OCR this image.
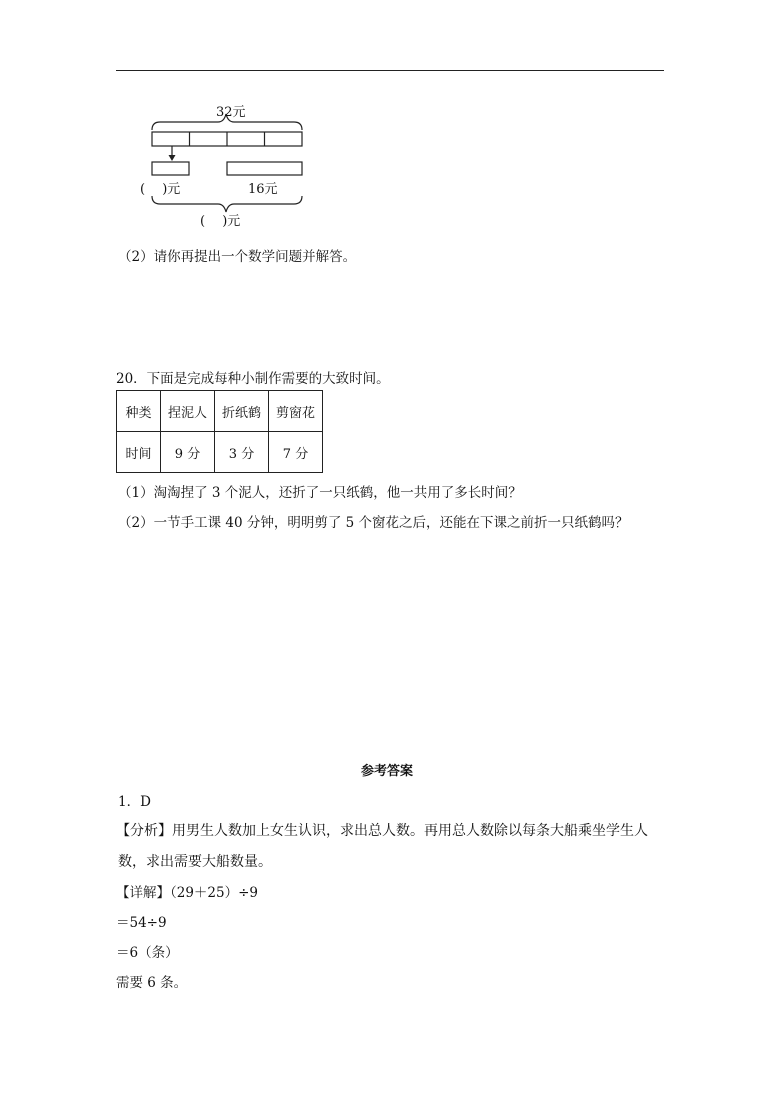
32元
(　 )元	16元
(　 )元
（2）请你再提出一个数学问题并解答。
20．下面是完成每种小制作需要的大致时间。
种类	捏泥人	折纸鹤	剪窗花
时间	9 分	3 分	7 分
（1）淘淘捏了 3 个泥人，还折了一只纸鹤，他一共用了多长时间？
（2）一节手工课 40 分钟，明明剪了 5 个窗花之后，还能在下课之前折一只纸鹤吗？
参考答案
1．D
【分析】用男生人数加上女生认识，求出总人数。再用总人数除以每条大船乘坐学生人
数，求出需要大船数量。
【详解】（29＋25）÷9
＝54÷9
＝6（条）
需要 6 条。
